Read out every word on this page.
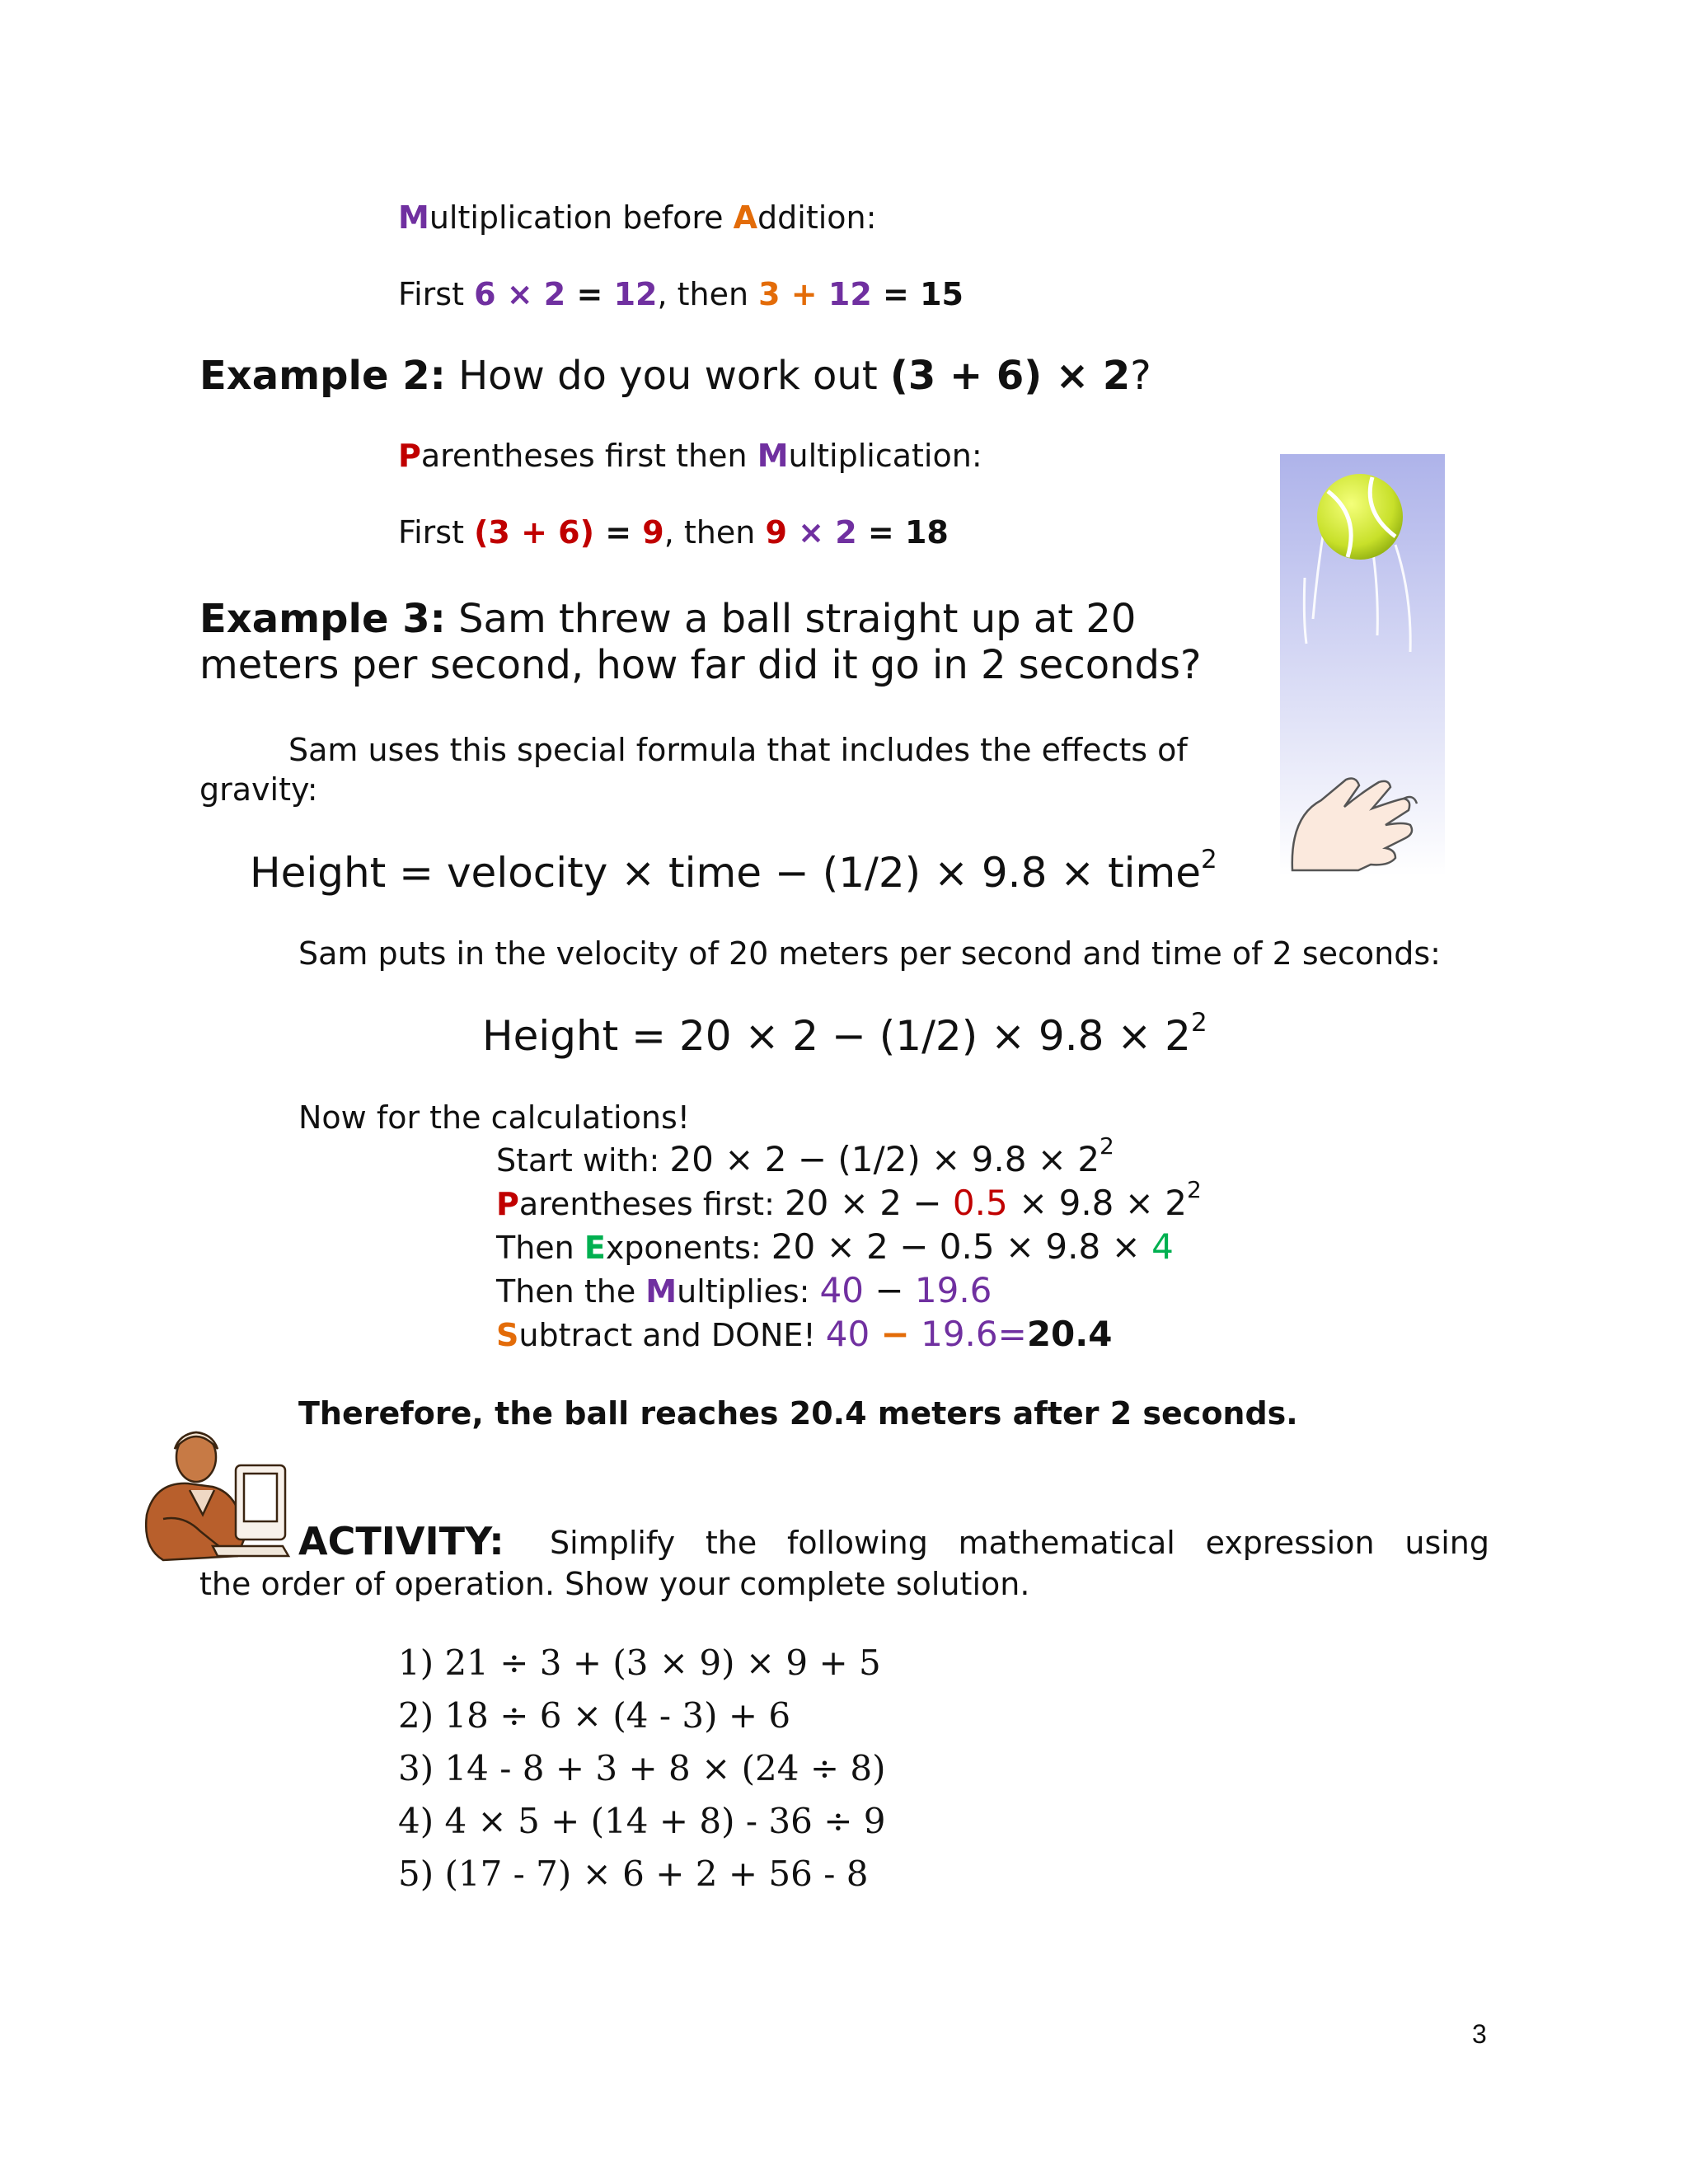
Multiplication before Addition:
First 6 × 2 = 12, then 3 + 12 = 15
Example 2: How do you work out (3 + 6) × 2?
Parentheses first then Multiplication:
First (3 + 6) = 9, then 9 × 2 = 18
Example 3: Sam threw a ball straight up at 20
meters per second, how far did it go in 2 seconds?
Sam uses this special formula that includes the effects of
gravity:
Height = velocity × time − (1/2) × 9.8 × time$^2$
Sam puts in the velocity of 20 meters per second and time of 2 seconds:
Height = $20 \times 2 - (1/2) \times 9.8 \times 2^2$
Now for the calculations!
Start with: $20 \times 2 - (1/2) \times 9.8 \times 2^2$
Parentheses first: $20 \times 2 - 0.5 \times 9.8 \times 2^2$
Then Exponents: 20 × 2 − 0.5 × 9.8 × 4
Then the Multiplies: 40 − 19.6
Subtract and DONE! 40 − 19.6=20.4
Therefore, the ball reaches 20.4 meters after 2 seconds.
ACTIVITY: Simplify the following mathematical expression using
the order of operation. Show your complete solution.
1) 21 ÷ 3 + (3 × 9) × 9 + 5
2) 18 ÷ 6 × (4 - 3) + 6
3) 14 - 8 + 3 + 8 × (24 ÷ 8)
4) 4 × 5 + (14 + 8) - 36 ÷ 9
5) (17 - 7) × 6 + 2 + 56 - 8
3
